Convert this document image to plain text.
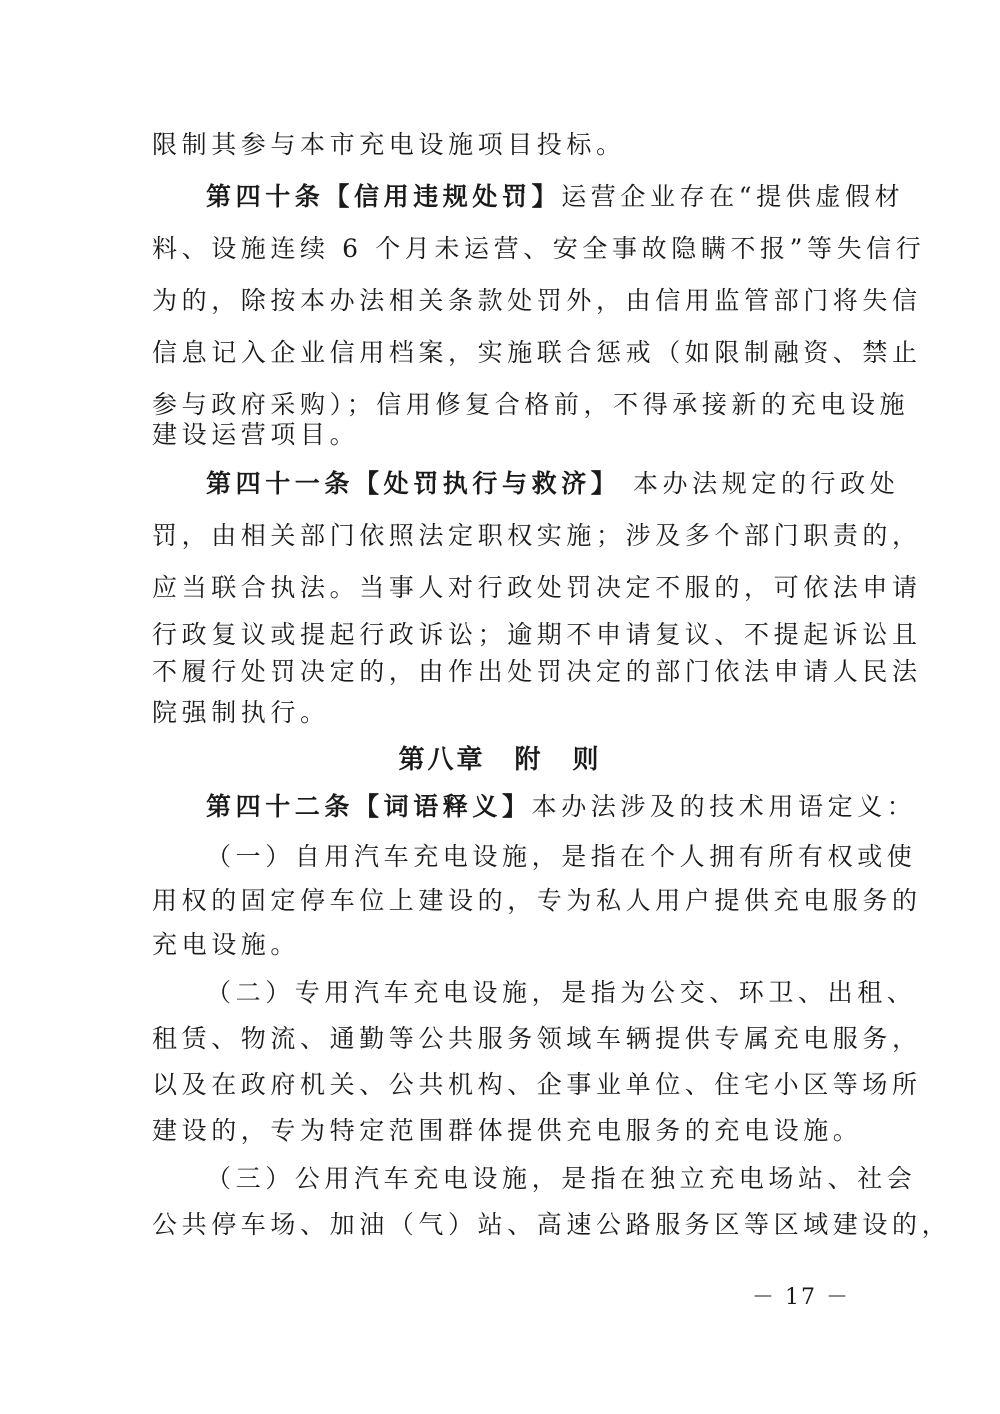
限制其参与本市充电设施项目投标。
第四十条【信用违规处罚】运营企业存在“提供虚假材
料、设施连续 6 个月未运营、安全事故隐瞒不报”等失信行
为的，除按本办法相关条款处罚外，由信用监管部门将失信
信息记入企业信用档案，实施联合惩戒（如限制融资、禁止
参与政府采购）；信用修复合格前，不得承接新的充电设施
建设运营项目。
第四十一条【处罚执行与救济】 本办法规定的行政处
罚，由相关部门依照法定职权实施；涉及多个部门职责的，
应当联合执法。当事人对行政处罚决定不服的，可依法申请
行政复议或提起行政诉讼；逾期不申请复议、不提起诉讼且
不履行处罚决定的，由作出处罚决定的部门依法申请人民法
院强制执行。
第八章　附　则
第四十二条【词语释义】本办法涉及的技术用语定义：
（一）自用汽车充电设施，是指在个人拥有所有权或使
用权的固定停车位上建设的，专为私人用户提供充电服务的
充电设施。
（二）专用汽车充电设施，是指为公交、环卫、出租、
租赁、物流、通勤等公共服务领域车辆提供专属充电服务，
以及在政府机关、公共机构、企事业单位、住宅小区等场所
建设的，专为特定范围群体提供充电服务的充电设施。
（三）公用汽车充电设施，是指在独立充电场站、社会
公共停车场、加油（气）站、高速公路服务区等区域建设的，
－ 17 －
